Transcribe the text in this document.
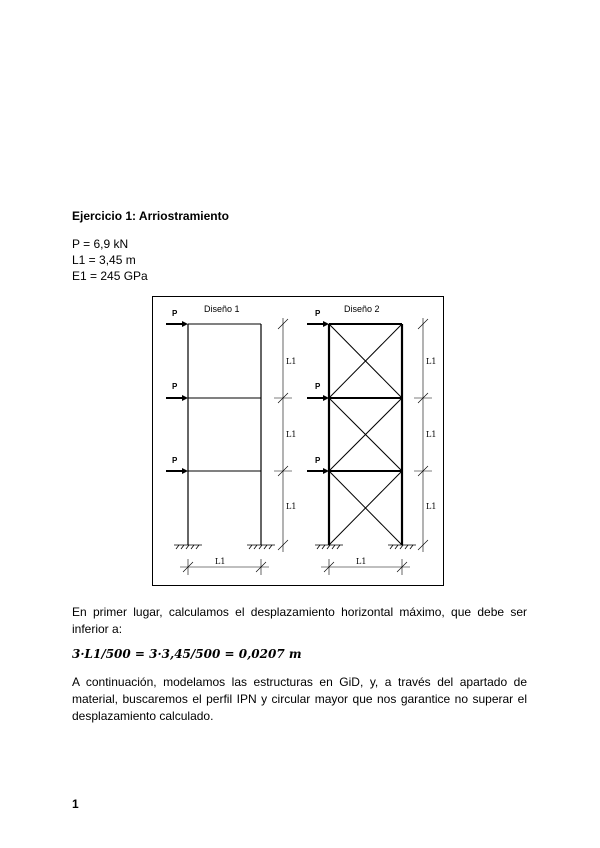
Ejercicio 1: Arriostramiento
P = 6,9 kN
L1 = 3,45 m
E1 = 245 GPa
Diseño 1
P
P
P
L1
L1
L1
L1
Diseño 2
P
P
P
L1
L1
L1
L1
En primer lugar, calculamos el desplazamiento horizontal máximo, que debe ser inferior a:
3·L1/500 = 3·3,45/500 = 0,0207 m
A continuación, modelamos las estructuras en GiD, y, a través del apartado de material, buscaremos el perfil IPN y circular mayor que nos garantice no superar el desplazamiento calculado.
1
